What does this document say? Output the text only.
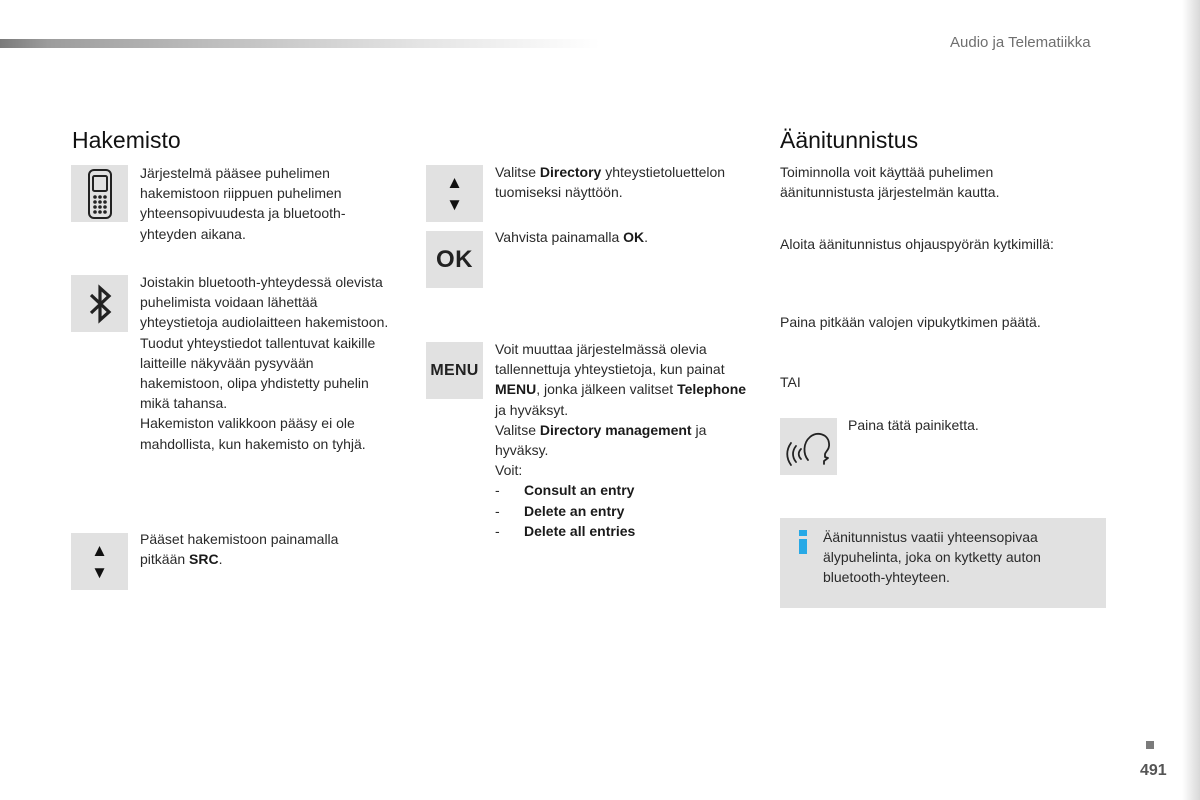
Audio ja Telematiikka
Hakemisto

Järjestelmä pääsee puhelimen hakemistoon riippuen puhelimen yhteensopivuudesta ja bluetooth-yhteyden aikana.

Joistakin bluetooth-yhteydessä olevista puhelimista voidaan lähettää yhteystietoja audiolaitteen hakemistoon.

Tuodut yhteystiedot tallentuvat kaikille laitteille näkyvään pysyvään hakemistoon, olipa yhdistetty puhelin mikä tahansa.

Hakemiston valikkoon pääsy ei ole mahdollista, kun hakemisto on tyhjä.

▲
▼

Pääset hakemistoon painamalla pitkään SRC.

▲
▼

Valitse Directory yhteystietoluettelon tuomiseksi näyttöön.

OK

Vahvista painamalla OK.

MENU

Voit muuttaa järjestelmässä olevia tallennettuja yhteystietoja, kun painat MENU, jonka jälkeen valitset Telephone ja hyväksyt.

Valitse Directory management ja hyväksy.

Voit:

-	Consult an entry
-	Delete an entry
-	Delete all entries
Äänitunnistus

Toiminnolla voit käyttää puhelimen äänitunnistusta järjestelmän kautta.

Aloita äänitunnistus ohjauspyörän kytkimillä:

Paina pitkään valojen vipukytkimen päätä.

TAI

Paina tätä painiketta.

Äänitunnistus vaatii yhteensopivaa älypuhelinta, joka on kytketty auton bluetooth-yhteyteen.

491
